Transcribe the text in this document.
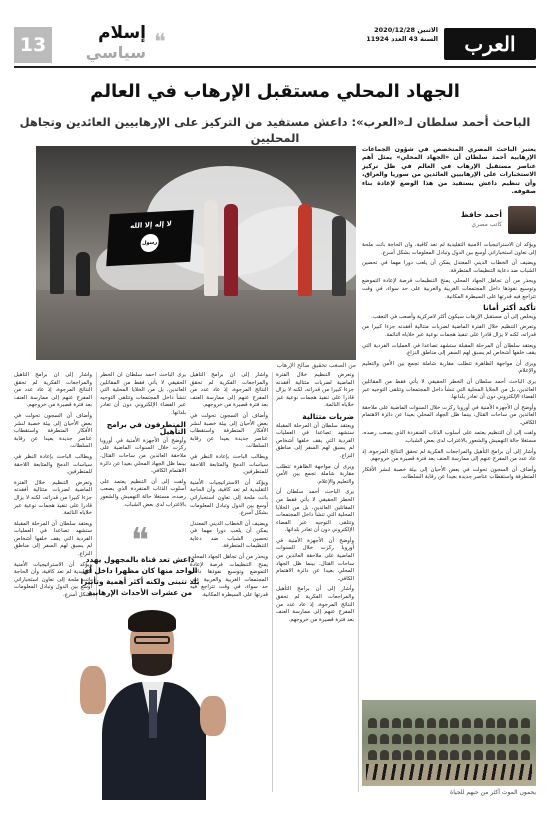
العرب
الاثنين 2020/12/28
السنة 43 العدد 11924
❝
إسلام
سياسي
13
الجهاد المحلي مستقبل الإرهاب في العالم
الباحث أحمد سلطان لـ«العرب»: داعش مستفيد من التركيز على الإرهابيين العائدين وتجاهل المحليين
لا إله إلا الله
رسول
من الصعب تحقيق صالح الإرهاب
يعتبر الباحث المصري المتخصص في شؤون الجماعات الإرهابية أحمد سلطان أن «الجهاد المحلي» يمثل أهم عناصر مستقبل الإرهاب في العالم في ظل تركيز الاستخبارات على الإرهابيين العائدين من سوريا والعراق، وأن تنظيم داعش يستفيد من هذا الوضع لإعادة بناء صفوفه.
أحمد حافظ
كاتب مصري

ويؤكد أن الاستراتيجيات الأمنية التقليدية لم تعد كافية، وأن الحاجة باتت ملحة إلى تعاون استخباراتي أوسع بين الدول وتبادل المعلومات بشكل أسرع.

ويضيف أن الخطاب الديني المعتدل يمكن أن يلعب دورا مهما في تحصين الشباب ضد دعاية التنظيمات المتطرفة.

ويحذر من أن تجاهل الجهاد المحلي يمنح التنظيمات فرصة لإعادة التموضع وتوسيع نفوذها داخل المجتمعات الغربية والعربية على حد سواء، في وقت تتراجع فيه قدرتها على السيطرة المكانية.

تأكيد أكثر أمانا

ويخلص إلى أن مستقبل الإرهاب سيكون أكثر لامركزية وأصعب في التعقب.

وتعرض التنظيم خلال الفترة الماضية لضربات متتالية أفقدته جزءا كبيرا من قدراته، لكنه لا يزال قادرا على تنفيذ هجمات نوعية عبر خلاياه النائمة.

ويعتقد سلطان أن المرحلة المقبلة ستشهد تصاعدا في العمليات الفردية التي يقف خلفها أشخاص لم يسبق لهم السفر إلى مناطق النزاع.

ويرى أن مواجهة الظاهرة تتطلب مقاربة شاملة تجمع بين الأمن والتعليم والإعلام.

يرى الباحث أحمد سلطان أن الخطر الحقيقي لا يأتي فقط من المقاتلين العائدين، بل من الخلايا المحلية التي تنشأ داخل المجتمعات وتتلقى التوجيه عبر الفضاء الإلكتروني دون أن تغادر بلدانها.

وأوضح أن الأجهزة الأمنية في أوروبا ركزت خلال السنوات الماضية على ملاحقة العائدين من ساحات القتال، بينما ظل الجهاد المحلي بعيدا عن دائرة الاهتمام الكافي.

ولفت إلى أن التنظيم يعتمد على أسلوب الذئاب المنفردة الذي يصعب رصده، مستغلا حالة التهميش والشعور بالاغتراب لدى بعض الشباب.

وأشار إلى أن برامج التأهيل والمراجعات الفكرية لم تحقق النتائج المرجوة، إذ عاد عدد من المفرج عنهم إلى ممارسة العنف بعد فترة قصيرة من خروجهم.

وأضاف أن السجون تحولت في بعض الأحيان إلى بيئة خصبة لنشر الأفكار المتطرفة واستقطاب عناصر جديدة بعيدا عن رقابة السلطات.

وتعرض التنظيم خلال الفترة الماضية لضربات متتالية أفقدته جزءا كبيرا من قدراته، لكنه لا يزال قادرا على تنفيذ هجمات نوعية عبر خلاياه النائمة.

ضربات متتالية

ويعتقد سلطان أن المرحلة المقبلة ستشهد تصاعدا في العمليات الفردية التي يقف خلفها أشخاص لم يسبق لهم السفر إلى مناطق النزاع.

ويرى أن مواجهة الظاهرة تتطلب مقاربة شاملة تجمع بين الأمن والتعليم والإعلام.

يرى الباحث أحمد سلطان أن الخطر الحقيقي لا يأتي فقط من المقاتلين العائدين، بل من الخلايا المحلية التي تنشأ داخل المجتمعات وتتلقى التوجيه عبر الفضاء الإلكتروني دون أن تغادر بلدانها.

وأوضح أن الأجهزة الأمنية في أوروبا ركزت خلال السنوات الماضية على ملاحقة العائدين من ساحات القتال، بينما ظل الجهاد المحلي بعيدا عن دائرة الاهتمام الكافي.

وأشار إلى أن برامج التأهيل والمراجعات الفكرية لم تحقق النتائج المرجوة، إذ عاد عدد من المفرج عنهم إلى ممارسة العنف بعد فترة قصيرة من خروجهم.

وأشار إلى أن برامج التأهيل والمراجعات الفكرية لم تحقق النتائج المرجوة، إذ عاد عدد من المفرج عنهم إلى ممارسة العنف بعد فترة قصيرة من خروجهم.

وأضاف أن السجون تحولت في بعض الأحيان إلى بيئة خصبة لنشر الأفكار المتطرفة واستقطاب عناصر جديدة بعيدا عن رقابة السلطات.

ويطالب الباحث بإعادة النظر في سياسات الدمج والمتابعة اللاحقة للمتطرفين.

ويؤكد أن الاستراتيجيات الأمنية التقليدية لم تعد كافية، وأن الحاجة باتت ملحة إلى تعاون استخباراتي أوسع بين الدول وتبادل المعلومات بشكل أسرع.

ويضيف أن الخطاب الديني المعتدل يمكن أن يلعب دورا مهما في تحصين الشباب ضد دعاية التنظيمات المتطرفة.

ويحذر من أن تجاهل الجهاد المحلي يمنح التنظيمات فرصة لإعادة التموضع وتوسيع نفوذها داخل المجتمعات الغربية والعربية على حد سواء، في وقت تتراجع فيه قدرتها على السيطرة المكانية.

يرى الباحث أحمد سلطان أن الخطر الحقيقي لا يأتي فقط من المقاتلين العائدين، بل من الخلايا المحلية التي تنشأ داخل المجتمعات وتتلقى التوجيه عبر الفضاء الإلكتروني دون أن تغادر بلدانها.

المنطرفون في برامج التأهيل

وأوضح أن الأجهزة الأمنية في أوروبا ركزت خلال السنوات الماضية على ملاحقة العائدين من ساحات القتال، بينما ظل الجهاد المحلي بعيدا عن دائرة الاهتمام الكافي.

ولفت إلى أن التنظيم يعتمد على أسلوب الذئاب المنفردة الذي يصعب رصده، مستغلا حالة التهميش والشعور بالاغتراب لدى بعض الشباب.

وأشار إلى أن برامج التأهيل والمراجعات الفكرية لم تحقق النتائج المرجوة، إذ عاد عدد من المفرج عنهم إلى ممارسة العنف بعد فترة قصيرة من خروجهم.

وأضاف أن السجون تحولت في بعض الأحيان إلى بيئة خصبة لنشر الأفكار المتطرفة واستقطاب عناصر جديدة بعيدا عن رقابة السلطات.

ويطالب الباحث بإعادة النظر في سياسات الدمج والمتابعة اللاحقة للمتطرفين.

وتعرض التنظيم خلال الفترة الماضية لضربات متتالية أفقدته جزءا كبيرا من قدراته، لكنه لا يزال قادرا على تنفيذ هجمات نوعية عبر خلاياه النائمة.

ويعتقد سلطان أن المرحلة المقبلة ستشهد تصاعدا في العمليات الفردية التي يقف خلفها أشخاص لم يسبق لهم السفر إلى مناطق النزاع.

ويؤكد أن الاستراتيجيات الأمنية التقليدية لم تعد كافية، وأن الحاجة باتت ملحة إلى تعاون استخباراتي أوسع بين الدول وتبادل المعلومات بشكل أسرع.

❝	داعش تعد قناة بالمجهول يهدد الواحد منها كان مظهرا داخل أي بلد تتبنى ولكنه أكثر أهمية وتأثيرا من عشرات الأحداث الإرهابية
يحمون الموت أكثر من حبهم للحياة
